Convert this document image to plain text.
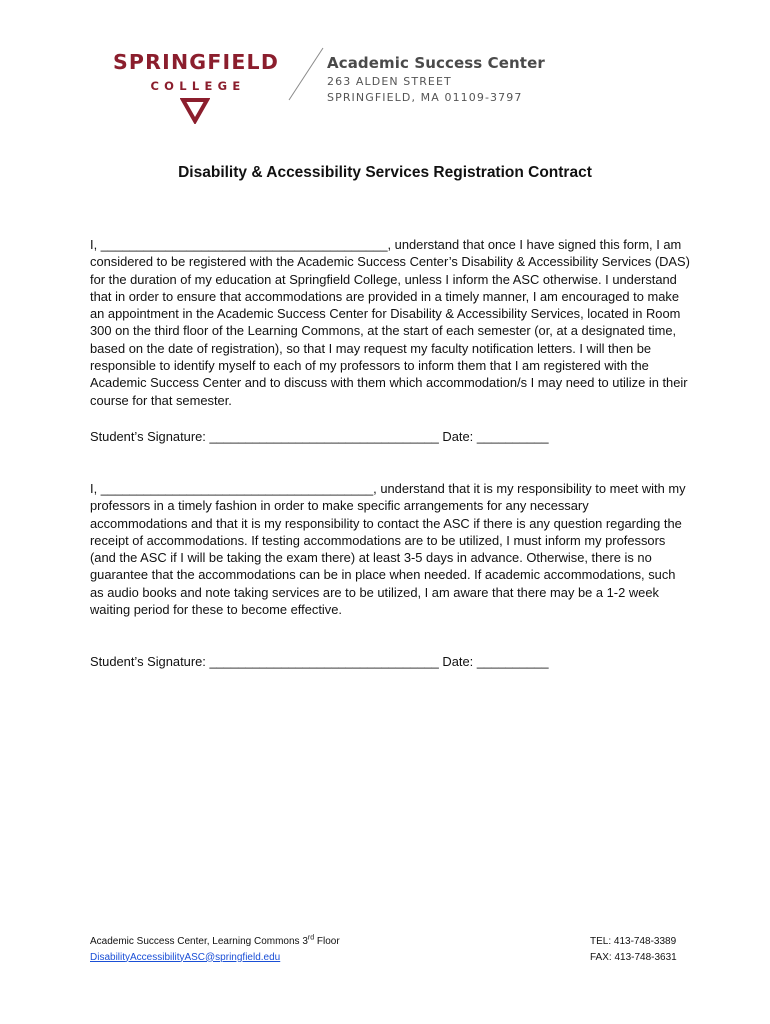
SPRINGFIELD
COLLEGE
Academic Success Center
263 ALDEN STREET
SPRINGFIELD, MA 01109-3797
Disability & Accessibility Services Registration Contract
I, ________________________________________, understand that once I have signed this form, I am
considered to be registered with the Academic Success Center’s Disability & Accessibility Services (DAS)
for the duration of my education at Springfield College, unless I inform the ASC otherwise. I understand
that in order to ensure that accommodations are provided in a timely manner, I am encouraged to make
an appointment in the Academic Success Center for Disability & Accessibility Services, located in Room
300 on the third floor of the Learning Commons, at the start of each semester (or, at a designated time,
based on the date of registration), so that I may request my faculty notification letters. I will then be
responsible to identify myself to each of my professors to inform them that I am registered with the
Academic Success Center and to discuss with them which accommodation/s I may need to utilize in their
course for that semester.
Student’s Signature: ________________________________ Date: __________
I, ______________________________________, understand that it is my responsibility to meet with my
professors in a timely fashion in order to make specific arrangements for any necessary
accommodations and that it is my responsibility to contact the ASC if there is any question regarding the
receipt of accommodations. If testing accommodations are to be utilized, I must inform my professors
(and the ASC if I will be taking the exam there) at least 3-5 days in advance. Otherwise, there is no
guarantee that the accommodations can be in place when needed. If academic accommodations, such
as audio books and note taking services are to be utilized, I am aware that there may be a 1-2 week
waiting period for these to become effective.
Student’s Signature: ________________________________ Date: __________
Academic Success Center, Learning Commons 3rd Floor
DisabilityAccessibilityASC@springfield.edu
TEL: 413-748-3389
FAX: 413-748-3631
